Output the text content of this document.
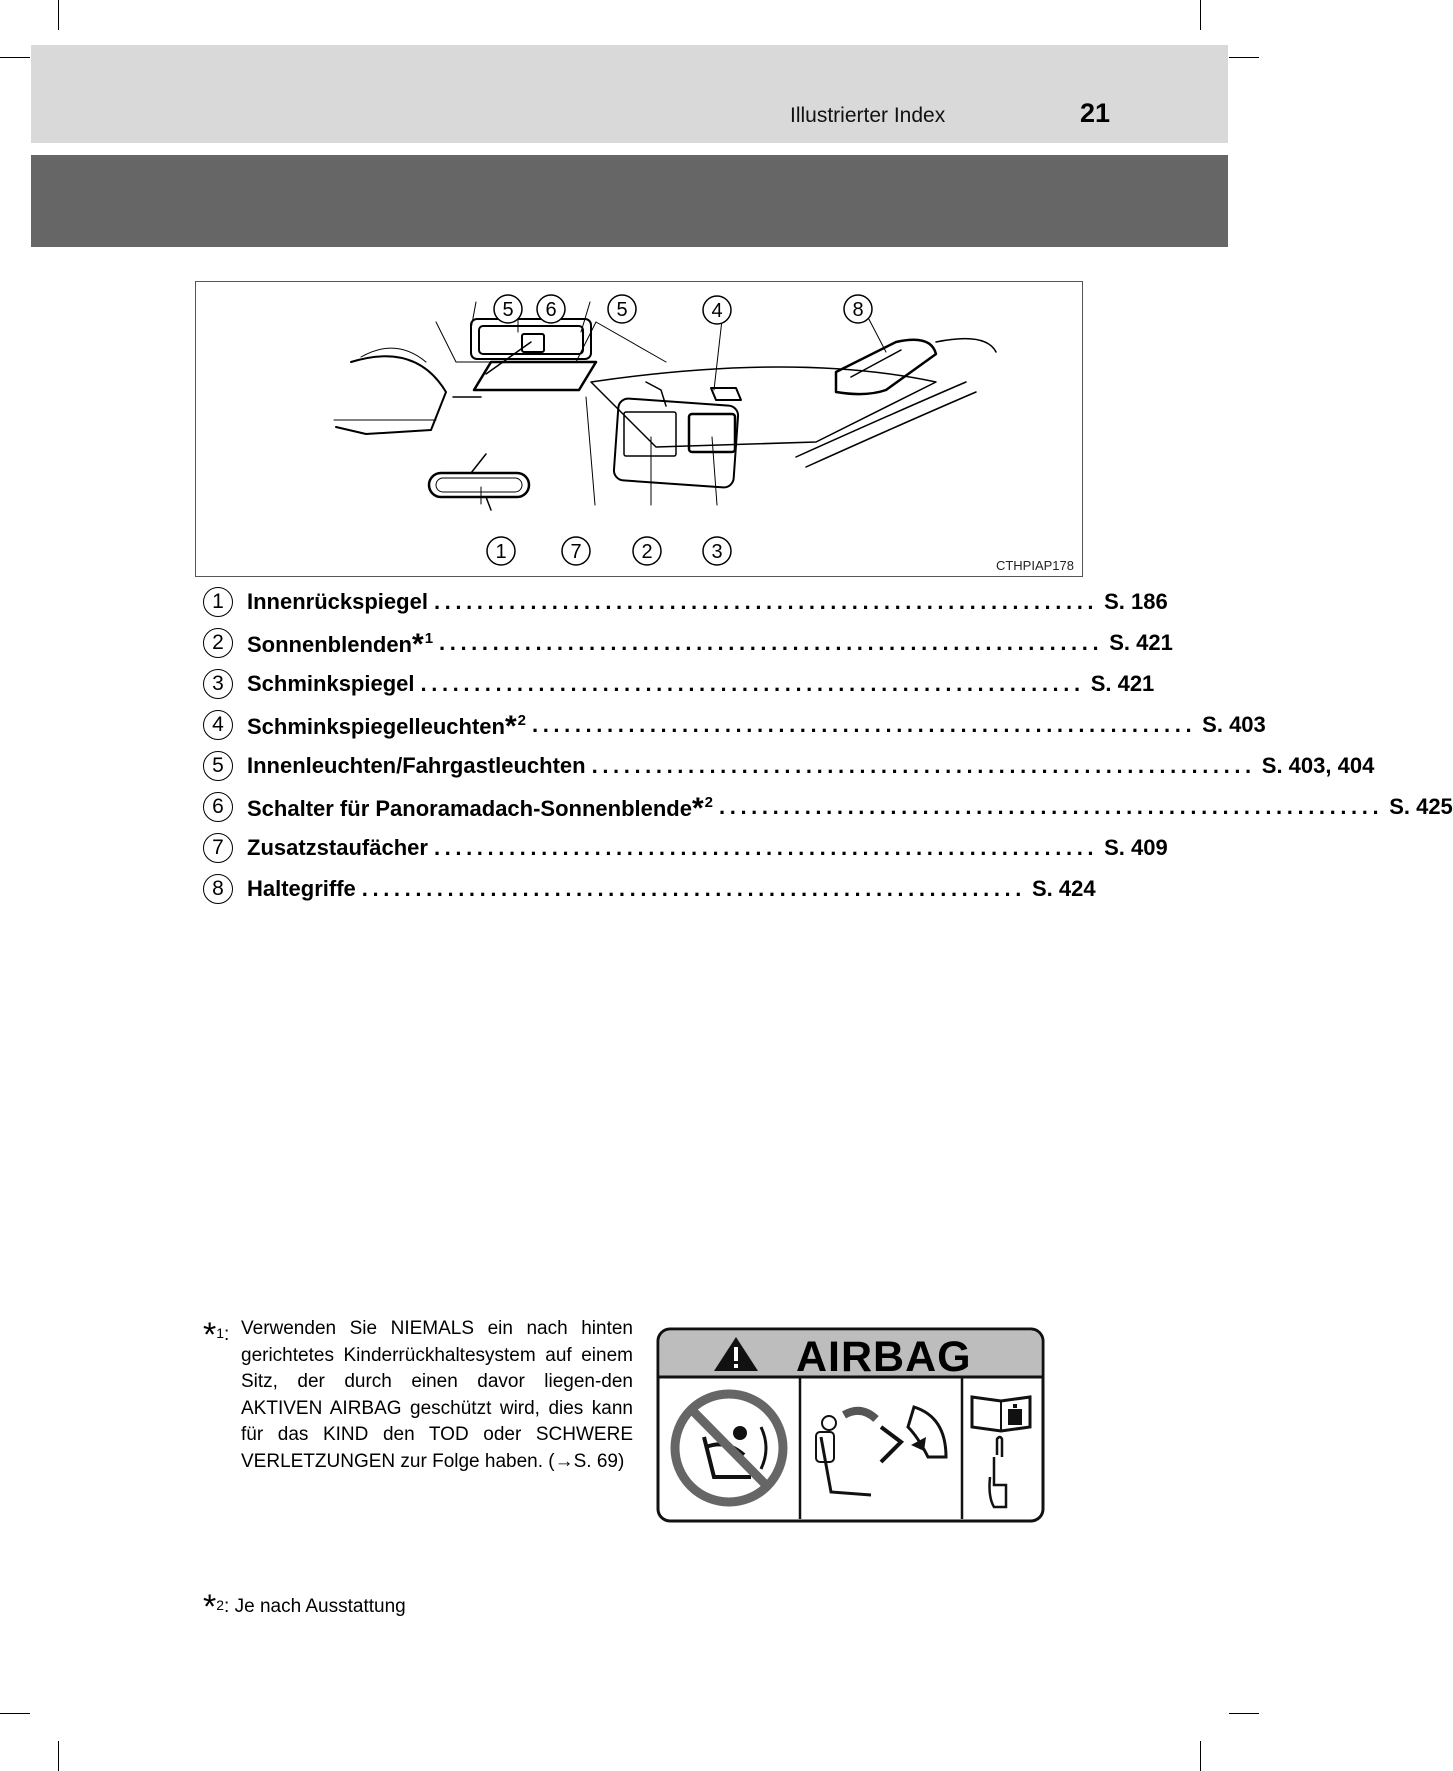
Illustrierter Index	21
5 6	5	4	8
1	7	2	3
CTHPIAP178
1	Innenrückspiegel .............................................................. S. 186
2	Sonnenblenden*$^1$ .............................................................. S. 421
3	Schminkspiegel .............................................................. S. 421
4	Schminkspiegelleuchten*$^2$ .............................................................. S. 403
5	Innenleuchten/Fahrgastleuchten .............................................................. S. 403, 404
6	Schalter für Panoramadach-Sonnenblende*$^2$ .............................................................. S. 425
7	Zusatzstaufächer .............................................................. S. 409
8	Haltegriffe .............................................................. S. 424
$*_1$: Verwenden Sie NIEMALS ein nach hinten gerichtetes Kinderrückhaltesystem auf einem Sitz, der durch einen davor liegen-den AKTIVEN AIRBAG geschützt wird, dies kann für das KIND den TOD oder SCHWERE VERLETZUNGEN zur Folge haben. (→S. 69)
$*_2$: Je nach Ausstattung
AIRBAG
